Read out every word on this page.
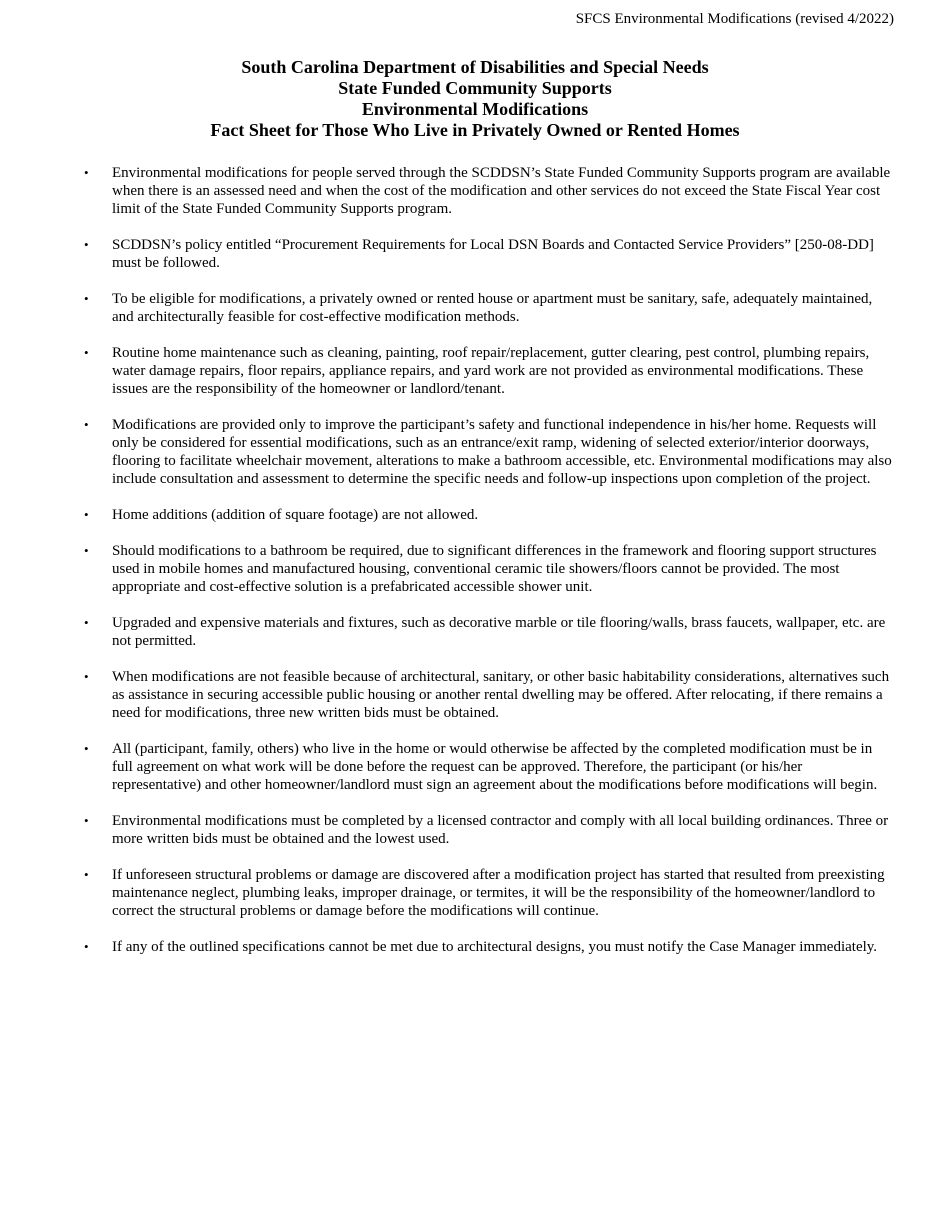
SFCS Environmental Modifications (revised 4/2022)
South Carolina Department of Disabilities and Special Needs
State Funded Community Supports
Environmental Modifications
Fact Sheet for Those Who Live in Privately Owned or Rented Homes
• Environmental modifications for people served through the SCDDSN’s State Funded Community Supports program are available when there is an assessed need and when the cost of the modification and other services do not exceed the State Fiscal Year cost limit of the State Funded Community Supports program.
• SCDDSN’s policy entitled “Procurement Requirements for Local DSN Boards and Contacted Service Providers” [250-08-DD] must be followed.
• To be eligible for modifications, a privately owned or rented house or apartment must be sanitary, safe, adequately maintained, and architecturally feasible for cost-effective modification methods.
• Routine home maintenance such as cleaning, painting, roof repair/replacement, gutter clearing, pest control, plumbing repairs, water damage repairs, floor repairs, appliance repairs, and yard work are not provided as environmental modifications. These issues are the responsibility of the homeowner or landlord/tenant.
• Modifications are provided only to improve the participant’s safety and functional independence in his/her home. Requests will only be considered for essential modifications, such as an entrance/exit ramp, widening of selected exterior/interior doorways, flooring to facilitate wheelchair movement, alterations to make a bathroom accessible, etc. Environmental modifications may also include consultation and assessment to determine the specific needs and follow-up inspections upon completion of the project.
• Home additions (addition of square footage) are not allowed.
• Should modifications to a bathroom be required, due to significant differences in the framework and flooring support structures used in mobile homes and manufactured housing, conventional ceramic tile showers/floors cannot be provided. The most appropriate and cost-effective solution is a prefabricated accessible shower unit.
• Upgraded and expensive materials and fixtures, such as decorative marble or tile flooring/walls, brass faucets, wallpaper, etc. are not permitted.
• When modifications are not feasible because of architectural, sanitary, or other basic habitability considerations, alternatives such as assistance in securing accessible public housing or another rental dwelling may be offered. After relocating, if there remains a need for modifications, three new written bids must be obtained.
• All (participant, family, others) who live in the home or would otherwise be affected by the completed modification must be in full agreement on what work will be done before the request can be approved. Therefore, the participant (or his/her representative) and other homeowner/landlord must sign an agreement about the modifications before modifications will begin.
• Environmental modifications must be completed by a licensed contractor and comply with all local building ordinances. Three or more written bids must be obtained and the lowest used.
• If unforeseen structural problems or damage are discovered after a modification project has started that resulted from preexisting maintenance neglect, plumbing leaks, improper drainage, or termites, it will be the responsibility of the homeowner/landlord to correct the structural problems or damage before the modifications will continue.
• If any of the outlined specifications cannot be met due to architectural designs, you must notify the Case Manager immediately.
